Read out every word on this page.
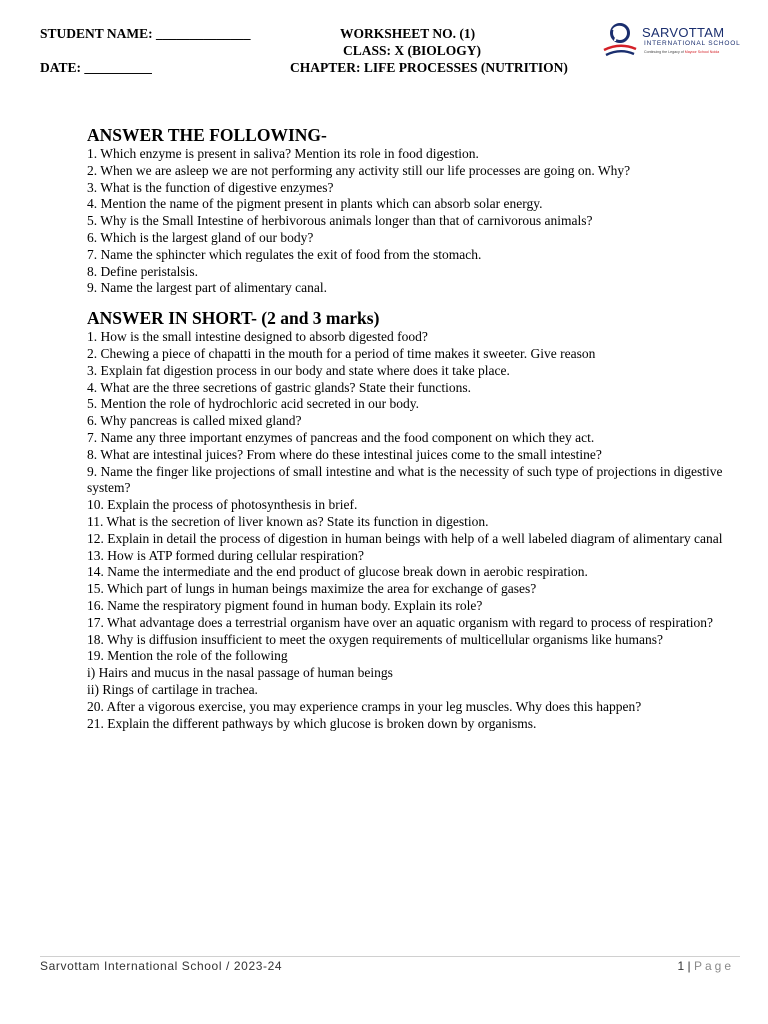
STUDENT NAME: ______________
DATE: __________
WORKSHEET NO. (1)
CLASS: X (BIOLOGY)
CHAPTER: LIFE PROCESSES (NUTRITION)
SARVOTTAM
INTERNATIONAL SCHOOL
Continuing the Legacy of Mayoor School Noida
ANSWER THE FOLLOWING-
1. Which enzyme is present in saliva? Mention its role in food digestion.
2. When we are asleep we are not performing any activity still our life processes are going on. Why?
3. What is the function of digestive enzymes?
4. Mention the name of the pigment present in plants which can absorb solar energy.
5. Why is the Small Intestine of herbivorous animals longer than that of carnivorous animals?
6. Which is the largest gland of our body?
7. Name the sphincter which regulates the exit of food from the stomach.
8. Define peristalsis.
9. Name the largest part of alimentary canal.
ANSWER IN SHORT- (2 and 3 marks)
1. How is the small intestine designed to absorb digested food?
2. Chewing a piece of chapatti in the mouth for a period of time makes it sweeter. Give reason
3. Explain fat digestion process in our body and state where does it take place.
4. What are the three secretions of gastric glands? State their functions.
5. Mention the role of hydrochloric acid secreted in our body.
6. Why pancreas is called mixed gland?
7. Name any three important enzymes of pancreas and the food component on which they act.
8. What are intestinal juices? From where do these intestinal juices come to the small intestine?
9. Name the finger like projections of small intestine and what is the necessity of such type of projections in digestive system?
10. Explain the process of photosynthesis in brief.
11. What is the secretion of liver known as? State its function in digestion.
12. Explain in detail the process of digestion in human beings with help of a well labeled diagram of alimentary canal
13. How is ATP formed during cellular respiration?
14. Name the intermediate and the end product of glucose break down in aerobic respiration.
15. Which part of lungs in human beings maximize the area for exchange of gases?
16. Name the respiratory pigment found in human body. Explain its role?
17. What advantage does a terrestrial organism have over an aquatic organism with regard to process of respiration?
18. Why is diffusion insufficient to meet the oxygen requirements of multicellular organisms like humans?
19. Mention the role of the following
i) Hairs and mucus in the nasal passage of human beings
ii) Rings of cartilage in trachea.
20. After a vigorous exercise, you may experience cramps in your leg muscles. Why does this happen?
21. Explain the different pathways by which glucose is broken down by organisms.
Sarvottam International School / 2023-24	1 | Page
